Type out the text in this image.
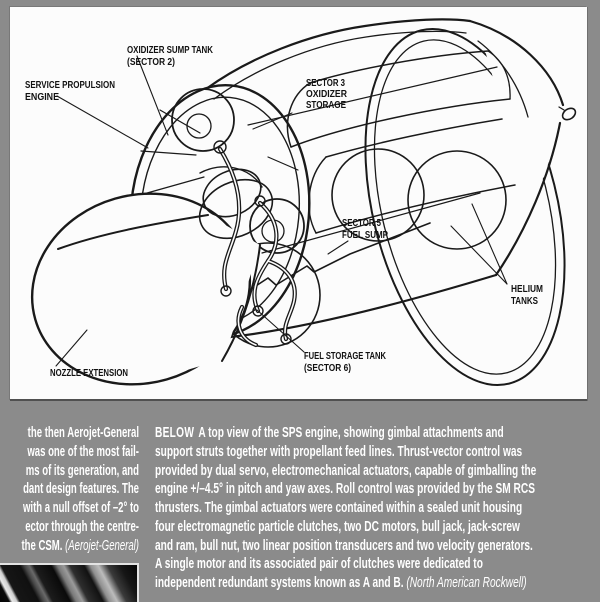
OXIDIZER SUMP TANK
(SECTOR 2)
SERVICE PROPULSION
ENGINE
SECTOR 3
OXIDIZER
STORAGE
SECTOR 5
FUEL SUMP
HELIUM
TANKS
FUEL STORAGE TANK
(SECTOR 6)
NOZZLE EXTENSION
the then Aerojet-General
was one of the most fail-
ms of its generation, and
dant design features. The
with a null offset of –2° to
ector through the centre-
the CSM. (Aerojet-General)
BELOW A top view of the SPS engine, showing gimbal attachments and
support struts together with propellant feed lines. Thrust-vector control was
provided by dual servo, electromechanical actuators, capable of gimballing the
engine +/–4.5° in pitch and yaw axes. Roll control was provided by the SM RCS
thrusters. The gimbal actuators were contained within a sealed unit housing
four electromagnetic particle clutches, two DC motors, bull jack, jack-screw
and ram, bull nut, two linear position transducers and two velocity generators.
A single motor and its associated pair of clutches were dedicated to
independent redundant systems known as A and B. (North American Rockwell)
